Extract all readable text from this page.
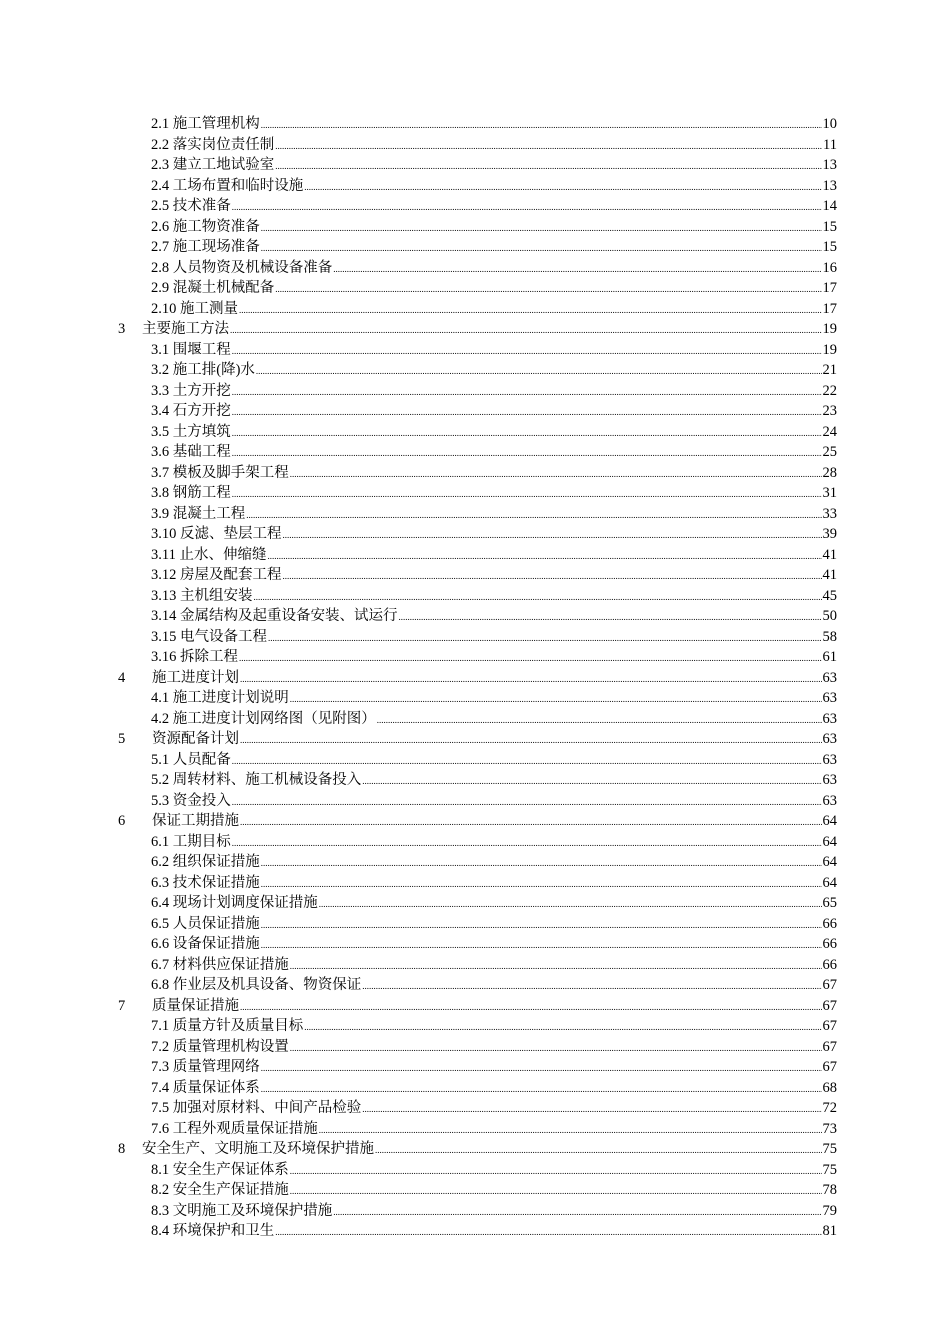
2.1 施工管理机构 .....	10
2.2 落实岗位责任制 .....	11
2.3 建立工地试验室 .....	13
2.4 工场布置和临时设施 .....	13
2.5 技术准备 .....	14
2.6 施工物资准备 .....	15
2.7 施工现场准备 .....	15
2.8 人员物资及机械设备准备 .....	16
2.9 混凝土机械配备 .....	17
2.10 施工测量 .....	17
3 主要施工方法 .....	19
3.1 围堰工程 .....	19
3.2 施工排(降)水 .....	21
3.3 土方开挖 .....	22
3.4 石方开挖 .....	23
3.5 土方填筑 .....	24
3.6 基础工程 .....	25
3.7 模板及脚手架工程 .....	28
3.8 钢筋工程 .....	31
3.9 混凝土工程 .....	33
3.10 反滤、垫层工程 .....	39
3.11 止水、伸缩缝 .....	41
3.12 房屋及配套工程 .....	41
3.13 主机组安装 .....	45
3.14 金属结构及起重设备安装、试运行 .....	50
3.15 电气设备工程 .....	58
3.16 拆除工程 .....	61
4 施工进度计划 .....	63
4.1 施工进度计划说明 .....	63
4.2 施工进度计划网络图（见附图） .....	63
5 资源配备计划 .....	63
5.1 人员配备 .....	63
5.2 周转材料、施工机械设备投入 .....	63
5.3 资金投入 .....	63
6 保证工期措施 .....	64
6.1 工期目标 .....	64
6.2 组织保证措施 .....	64
6.3 技术保证措施 .....	64
6.4 现场计划调度保证措施 .....	65
6.5 人员保证措施 .....	66
6.6 设备保证措施 .....	66
6.7 材料供应保证措施 .....	66
6.8 作业层及机具设备、物资保证 .....	67
7 质量保证措施 .....	67
7.1 质量方针及质量目标 .....	67
7.2 质量管理机构设置 .....	67
7.3 质量管理网络 .....	67
7.4 质量保证体系 .....	68
7.5 加强对原材料、中间产品检验 .....	72
7.6 工程外观质量保证措施 .....	73
8 安全生产、文明施工及环境保护措施 .....	75
8.1 安全生产保证体系 .....	75
8.2 安全生产保证措施 .....	78
8.3 文明施工及环境保护措施 .....	79
8.4 环境保护和卫生 .....	81
